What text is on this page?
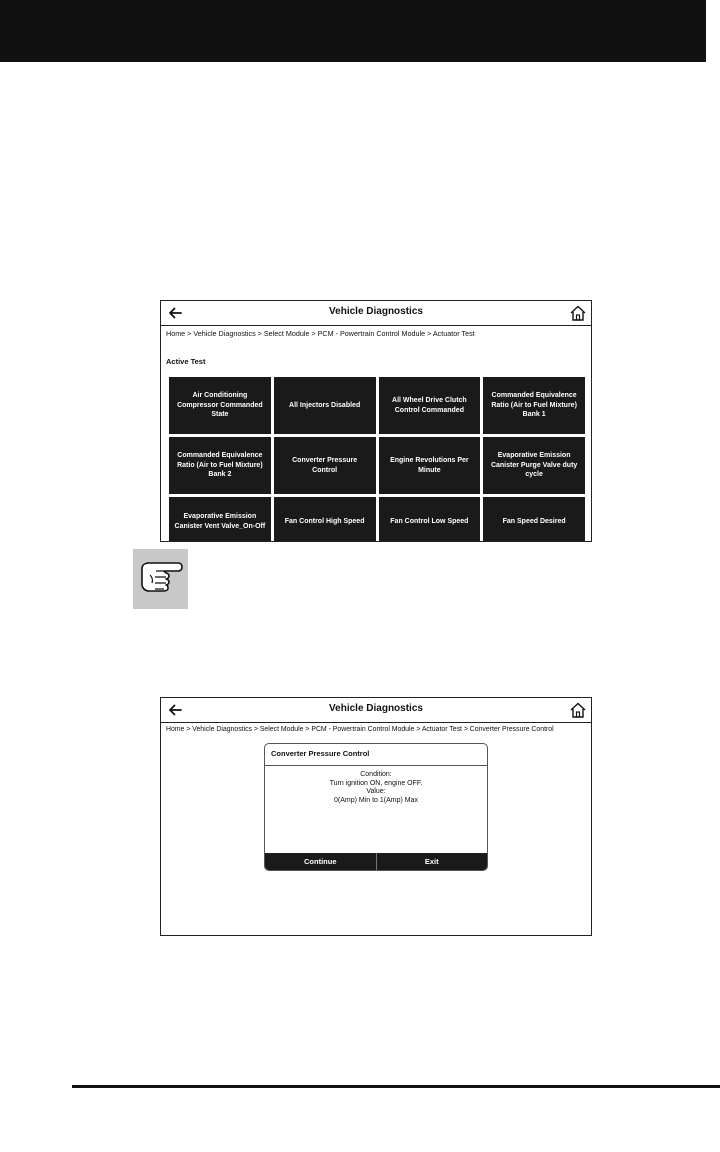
Vehicle Diagnostics
Home > Vehicle Diagnostics > Select Module > PCM - Powertrain Control Module > Actuator Test
Active Test
Air Conditioning Compressor Commanded State
All Injectors Disabled
All Wheel Drive Clutch Control Commanded
Commanded Equivalence Ratio (Air to Fuel Mixture) Bank 1
Commanded Equivalence Ratio (Air to Fuel Mixture) Bank 2
Converter Pressure Control
Engine Revolutions Per Minute
Evaporative Emission Canister Purge Valve duty cycle
Evaporative Emission Canister Vent Valve_On-Off
Fan Control High Speed	Fan Control Low Speed	Fan Speed Desired
Vehicle Diagnostics
Home > Vehicle Diagnostics > Select Module > PCM - Powertrain Control Module > Actuator Test > Converter Pressure Control
Converter Pressure Control
Condition:
Turn ignition ON, engine OFF.
Value:
0(Amp) Min to 1(Amp) Max
Continue	Exit
